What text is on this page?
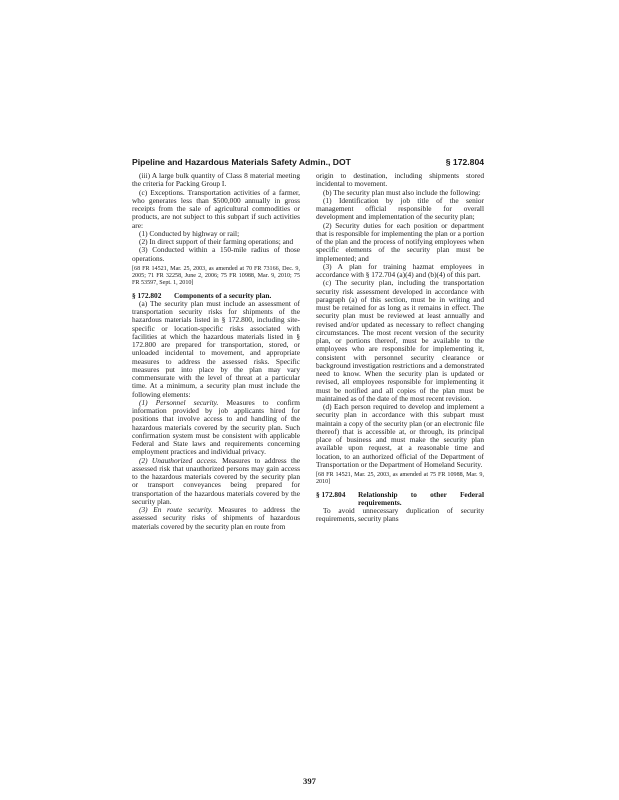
Pipeline and Hazardous Materials Safety Admin., DOT	§ 172.804

(iii) A large bulk quantity of Class 8 material meeting the criteria for Packing Group I.

(c) Exceptions. Transportation activities of a farmer, who generates less than $500,000 annually in gross receipts from the sale of agricultural commodities or products, are not subject to this subpart if such activities are:

(1) Conducted by highway or rail;

(2) In direct support of their farming operations; and

(3) Conducted within a 150-mile radius of those operations.

[68 FR 14521, Mar. 25, 2003, as amended at 70 FR 73166, Dec. 9, 2005; 71 FR 32258, June 2, 2006; 75 FR 10988, Mar. 9, 2010; 75 FR 53597, Sept. 1, 2010]

§ 172.802	Components of a security plan.

(a) The security plan must include an assessment of transportation security risks for shipments of the hazardous materials listed in § 172.800, including site-specific or location-specific risks associated with facilities at which the hazardous materials listed in § 172.800 are prepared for transportation, stored, or unloaded incidental to movement, and appropriate measures to address the assessed risks. Specific measures put into place by the plan may vary commensurate with the level of threat at a particular time. At a minimum, a security plan must include the following elements:

(1) Personnel security. Measures to confirm information provided by job applicants hired for positions that involve access to and handling of the hazardous materials covered by the security plan. Such confirmation system must be consistent with applicable Federal and State laws and requirements concerning employment practices and individual privacy.

(2) Unauthorized access. Measures to address the assessed risk that unauthorized persons may gain access to the hazardous materials covered by the security plan or transport conveyances being prepared for transportation of the hazardous materials covered by the security plan.

(3) En route security. Measures to address the assessed security risks of shipments of hazardous materials covered by the security plan en route from

origin to destination, including shipments stored incidental to movement.

(b) The security plan must also include the following:

(1) Identification by job title of the senior management official responsible for overall development and implementation of the security plan;

(2) Security duties for each position or department that is responsible for implementing the plan or a portion of the plan and the process of notifying employees when specific elements of the security plan must be implemented; and

(3) A plan for training hazmat employees in accordance with § 172.704 (a)(4) and (b)(4) of this part.

(c) The security plan, including the transportation security risk assessment developed in accordance with paragraph (a) of this section, must be in writing and must be retained for as long as it remains in effect. The security plan must be reviewed at least annually and revised and/or updated as necessary to reflect changing circumstances. The most recent version of the security plan, or portions thereof, must be available to the employees who are responsible for implementing it, consistent with personnel security clearance or background investigation restrictions and a demonstrated need to know. When the security plan is updated or revised, all employees responsible for implementing it must be notified and all copies of the plan must be maintained as of the date of the most recent revision.

(d) Each person required to develop and implement a security plan in accordance with this subpart must maintain a copy of the security plan (or an electronic file thereof) that is accessible at, or through, its principal place of business and must make the security plan available upon request, at a reasonable time and location, to an authorized official of the Department of Transportation or the Department of Homeland Security.

[68 FR 14521, Mar. 25, 2003, as amended at 75 FR 10988, Mar. 9, 2010]

§ 172.804	Relationship to other Federal requirements.

To avoid unnecessary duplication of security requirements, security plans

397
